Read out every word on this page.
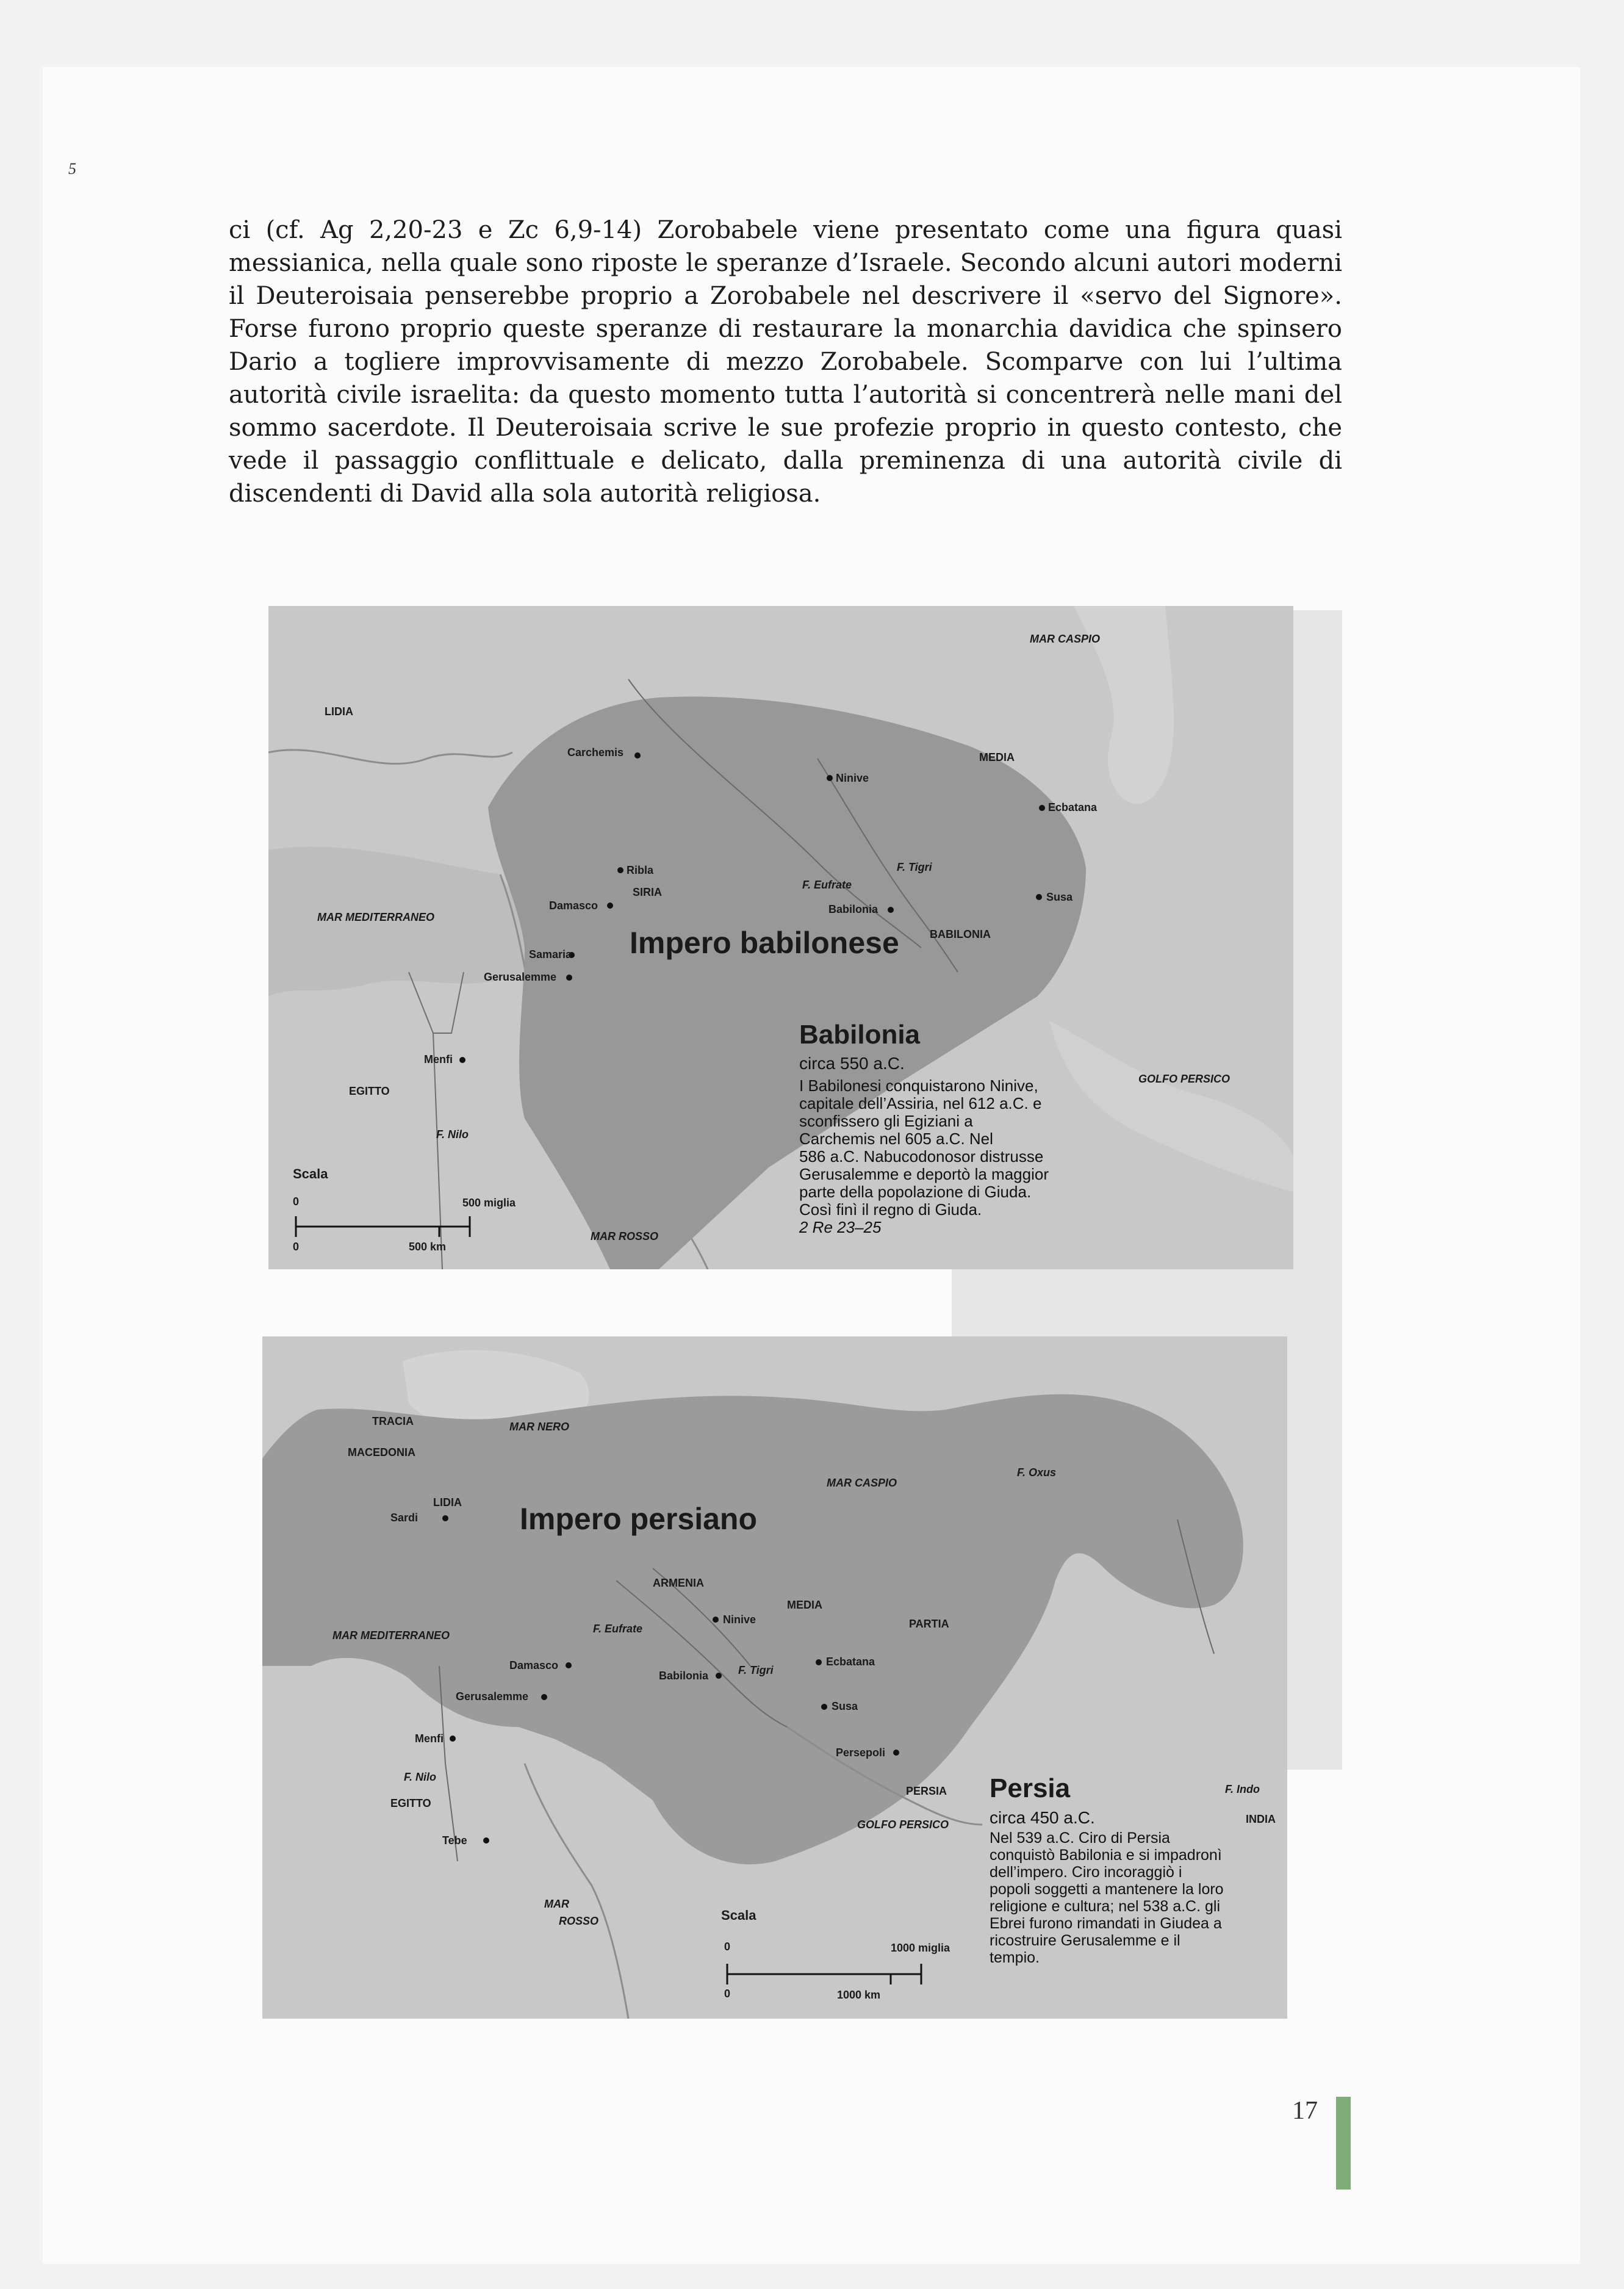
5

ci (cf. Ag 2,20-23 e Zc 6,9-14) Zorobabele viene presentato come una figura quasi messianica, nella quale sono riposte le speranze d’Israele. Secondo alcuni autori moderni il Deuteroisaia penserebbe proprio a Zorobabele nel descrivere il «servo del Signore». Forse furono proprio queste speranze di restaurare la monarchia davidica che spinsero Dario a togliere improvvisamente di mezzo Zorobabele. Scomparve con lui l’ultima autorità civile israelita: da questo momento tutta l’autorità si concentrerà nelle mani del sommo sacerdote. Il Deuteroisaia scrive le sue profezie proprio in questo contesto, che vede il passaggio conflittuale e delicato, dalla preminenza di una autorità civile di discendenti di David alla sola autorità religiosa.

LIDIA
Carchemis
Ninive
MEDIA
Ecbatana
MAR CASPIO
Ribla
SIRIA
F. Tigri
F. Eufrate
Susa
MAR MEDITERRANEO
Damasco	Babilonia
BABILONIA
Samaria
Gerusalemme
Impero babilonese
Menfi
EGITTO
F. Nilo
GOLFO PERSICO
MAR ROSSO
Scala
0	500 miglia
0	500 km
Babilonia
circa 550 a.C.
I Babilonesi conquistarono Ninive,
capitale dell’Assiria, nel 612 a.C. e
sconfissero gli Egiziani a
Carchemis nel 605 a.C. Nel
586 a.C. Nabucodonosor distrusse
Gerusalemme e deportò la maggior
parte della popolazione di Giuda.
Così finì il regno di Giuda.
2 Re 23–25
TRACIA	MAR NERO
MACEDONIA
MAR CASPIO
F. Oxus
LIDIA
Sardi	Impero persiano
ARMENIA
MEDIA
MAR MEDITERRANEO
F. Eufrate
Ninive	PARTIA
Damasco	F. Tigri
Ecbatana
Babilonia
Gerusalemme
Susa
Menfi
Persepoli
F. Nilo
PERSIA	F. Indo
EGITTO
INDIA
GOLFO PERSICO
Tebe
MAR
ROSSO	Scala
0	1000 miglia
0	1000 km
Persia
circa 450 a.C.
Nel 539 a.C. Ciro di Persia
conquistò Babilonia e si impadronì
dell’impero. Ciro incoraggiò i
popoli soggetti a mantenere la loro
religione e cultura; nel 538 a.C. gli
Ebrei furono rimandati in Giudea a
ricostruire Gerusalemme e il
tempio.
17
